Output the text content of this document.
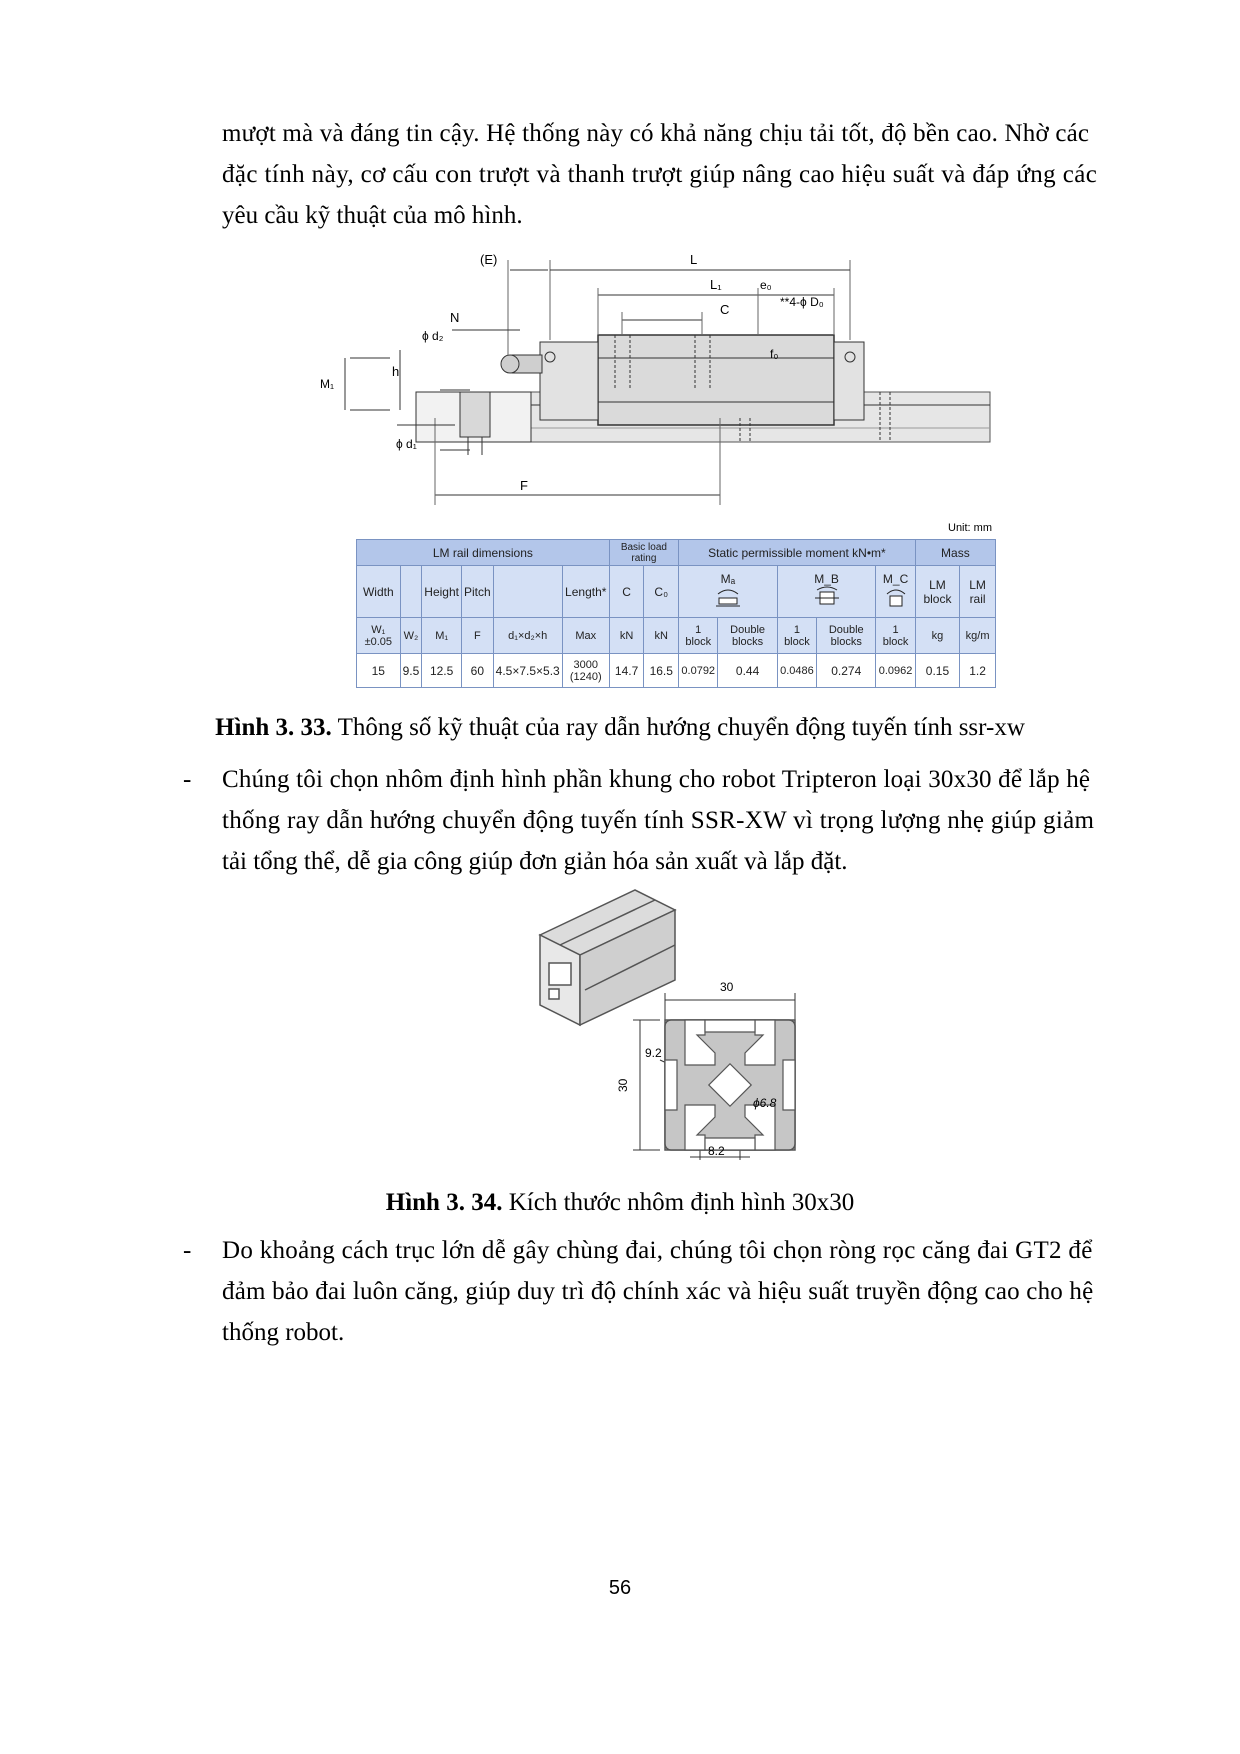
mượt mà và đáng tin cậy. Hệ thống này có khả năng chịu tải tốt, độ bền cao. Nhờ các
đặc tính này, cơ cấu con trượt và thanh trượt giúp nâng cao hiệu suất và đáp ứng các
yêu cầu kỹ thuật của mô hình.
(E)	L
L₁
C
e₀
**4-ϕ D₀
N
ϕ d₂
f₀
h
M₁
ϕ d₁
F
Unit: mm
LM rail dimensions						Basic load rating		Static permissible moment kN•m*					Mass	
Width		Height	Pitch		Length*	C	C₀	Mₐ		M_B		M_C	LM block	LM rail
W₁ ±0.05	W₂	M₁	F	d₁×d₂×h	Max	kN	kN	1 block	Double blocks	1 block	Double blocks	1 block	kg	kg/m
15	9.5	12.5	60	4.5×7.5×5.3	3000 (1240)	14.7	16.5	0.0792	0.44	0.0486	0.274	0.0962	0.15	1.2
Hình 3. 33. Thông số kỹ thuật của ray dẫn hướng chuyển động tuyến tính ssr-xw
- Chúng tôi chọn nhôm định hình phần khung cho robot Tripteron loại 30x30 để lắp hệ
thống ray dẫn hướng chuyển động tuyến tính SSR-XW vì trọng lượng nhẹ giúp giảm
tải tổng thể, dễ gia công giúp đơn giản hóa sản xuất và lắp đặt.
30
30
9.2
8.2
ϕ6.8
Hình 3. 34. Kích thước nhôm định hình 30x30
- Do khoảng cách trục lớn dễ gây chùng đai, chúng tôi chọn ròng rọc căng đai GT2 để
đảm bảo đai luôn căng, giúp duy trì độ chính xác và hiệu suất truyền động cao cho hệ
thống robot.
56
